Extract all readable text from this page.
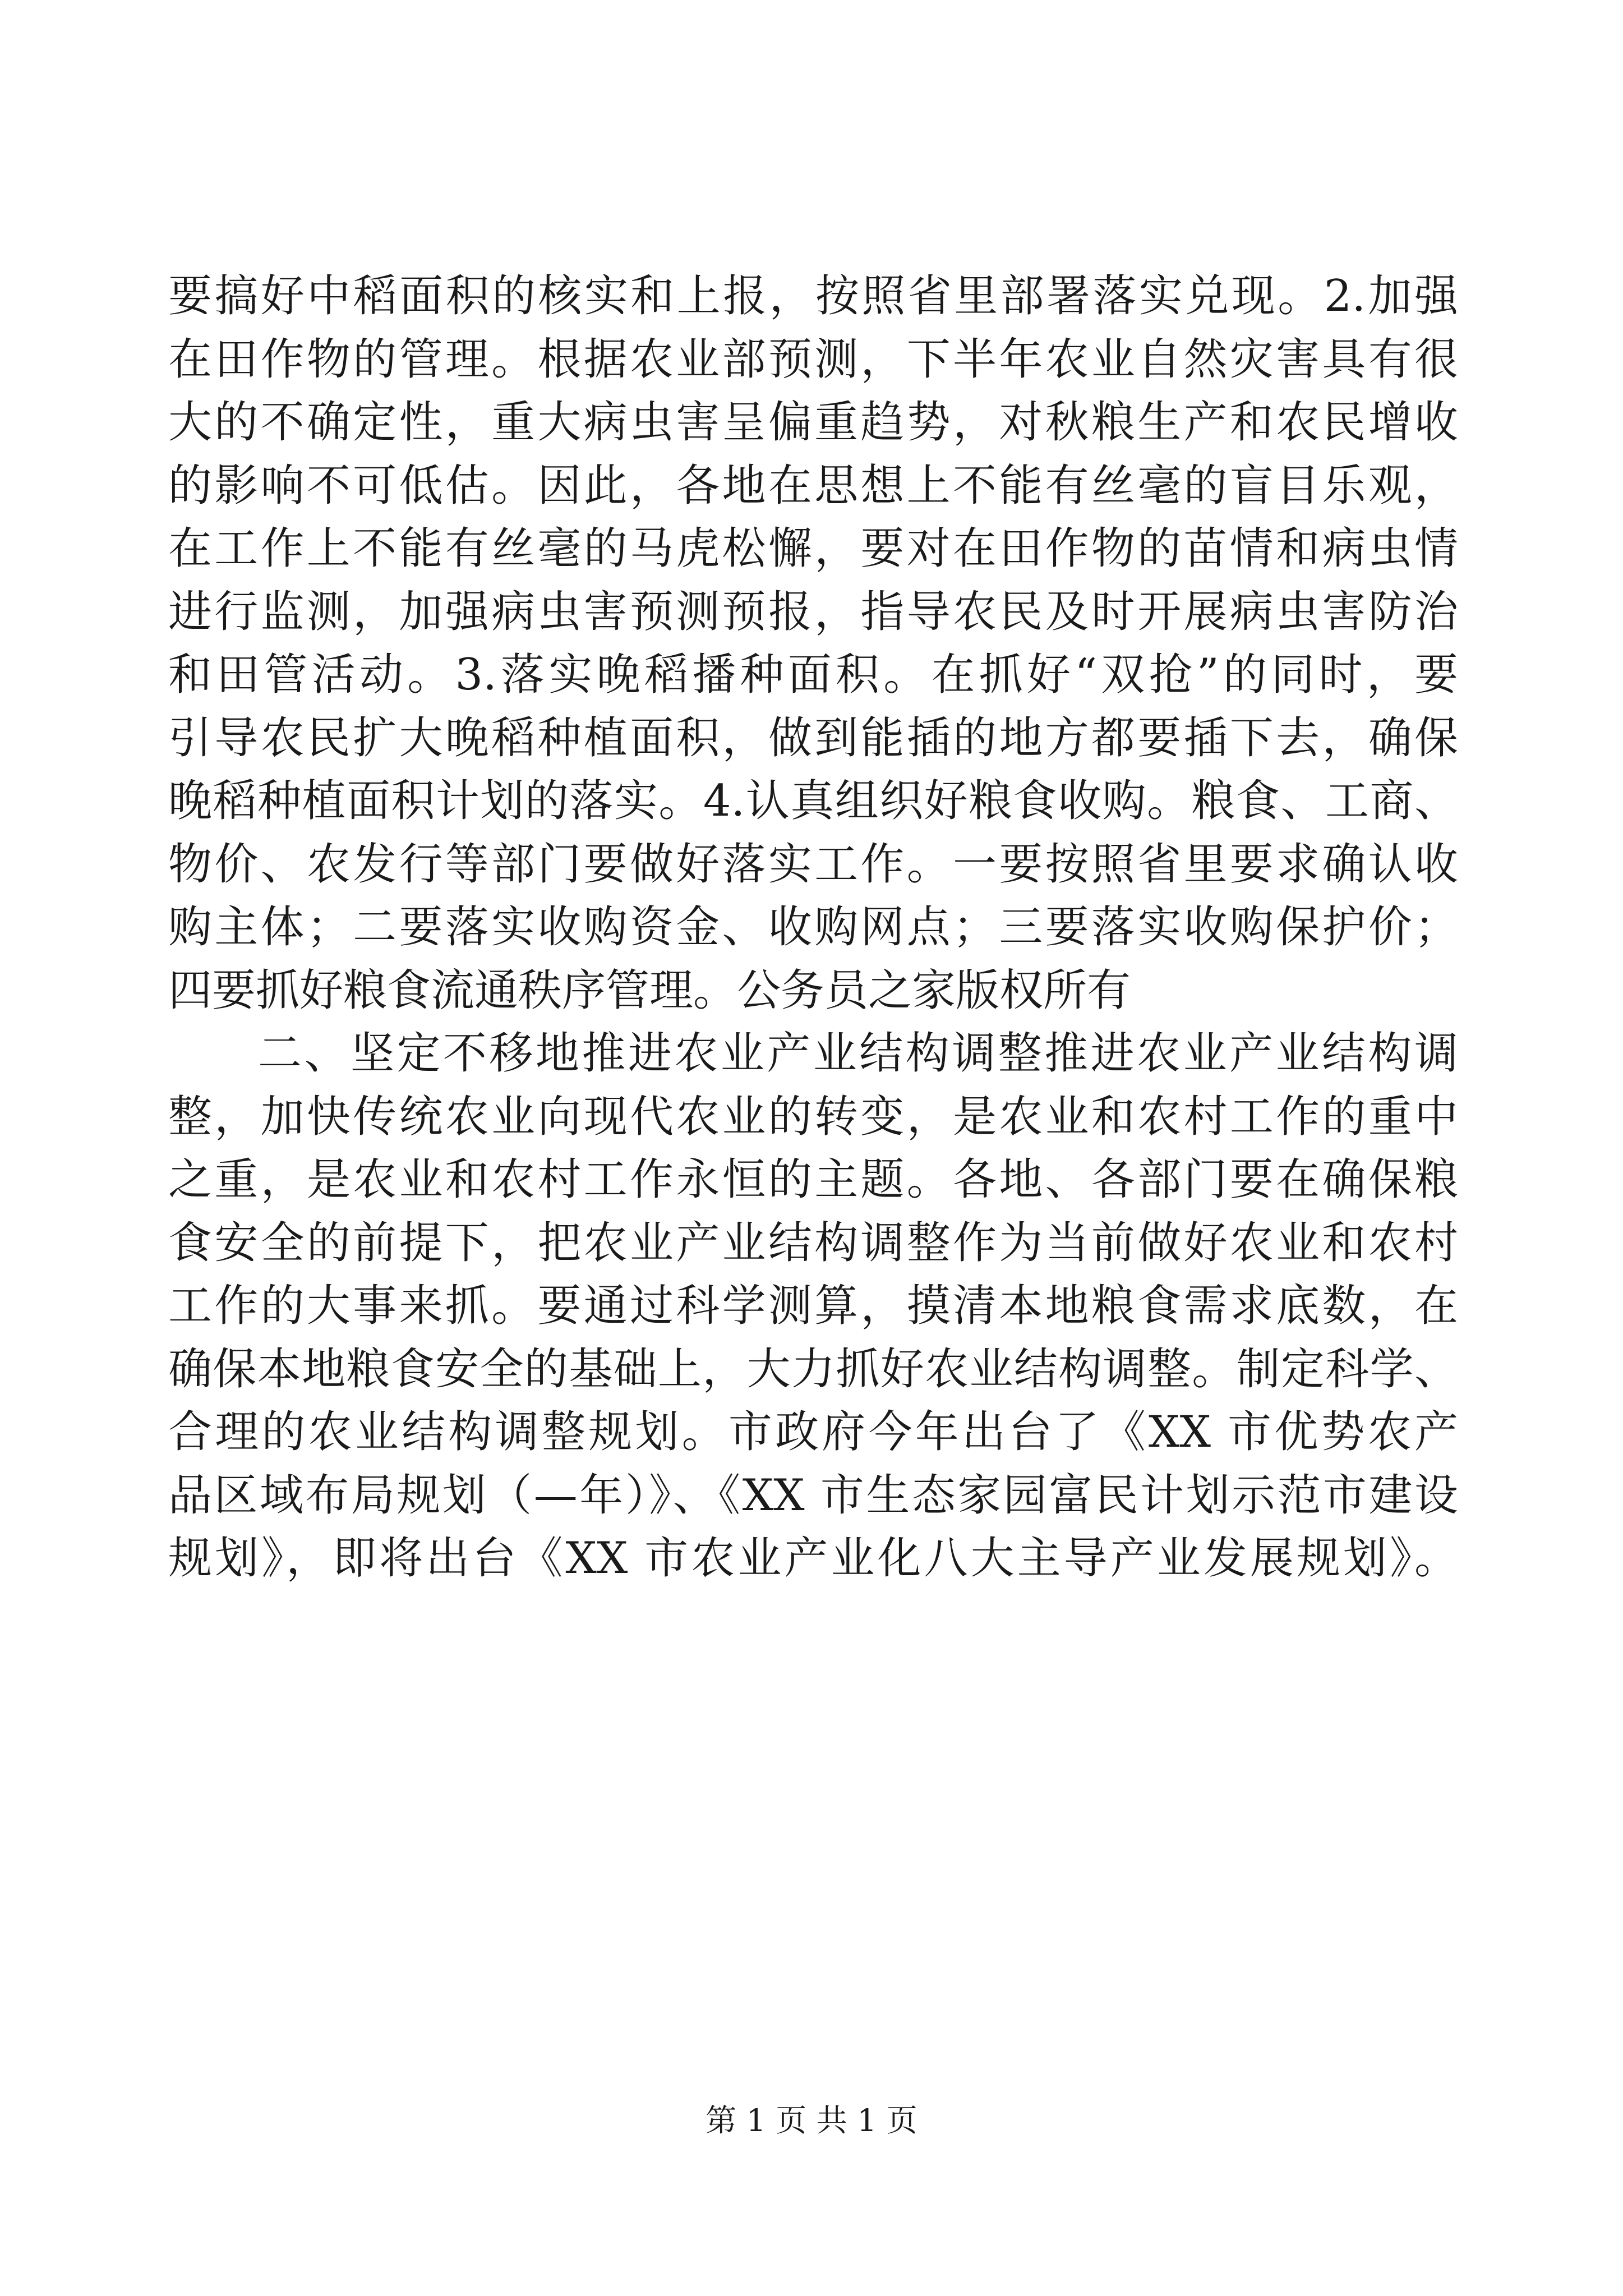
要搞好中稻面积的核实和上报，按照省里部署落实兑现。2.加强
在田作物的管理。根据农业部预测，下半年农业自然灾害具有很
大的不确定性，重大病虫害呈偏重趋势，对秋粮生产和农民增收
的影响不可低估。因此，各地在思想上不能有丝毫的盲目乐观，
在工作上不能有丝毫的马虎松懈，要对在田作物的苗情和病虫情
进行监测，加强病虫害预测预报，指导农民及时开展病虫害防治
和田管活动。3.落实晚稻播种面积。在抓好“双抢”的同时，要
引导农民扩大晚稻种植面积，做到能插的地方都要插下去，确保
晚稻种植面积计划的落实。4.认真组织好粮食收购。粮食、工商、
物价、农发行等部门要做好落实工作。一要按照省里要求确认收
购主体；二要落实收购资金、收购网点；三要落实收购保护价；
四要抓好粮食流通秩序管理。公务员之家版权所有
二、坚定不移地推进农业产业结构调整推进农业产业结构调
整，加快传统农业向现代农业的转变，是农业和农村工作的重中
之重，是农业和农村工作永恒的主题。各地、各部门要在确保粮
食安全的前提下，把农业产业结构调整作为当前做好农业和农村
工作的大事来抓。要通过科学测算，摸清本地粮食需求底数，在
确保本地粮食安全的基础上，大力抓好农业结构调整。制定科学、
合理的农业结构调整规划。市政府今年出台了《XX 市优势农产
品区域布局规划（—年）》、《XX 市生态家园富民计划示范市建设
规划》，即将出台《XX 市农业产业化八大主导产业发展规划》。
第 1 页 共 1 页
